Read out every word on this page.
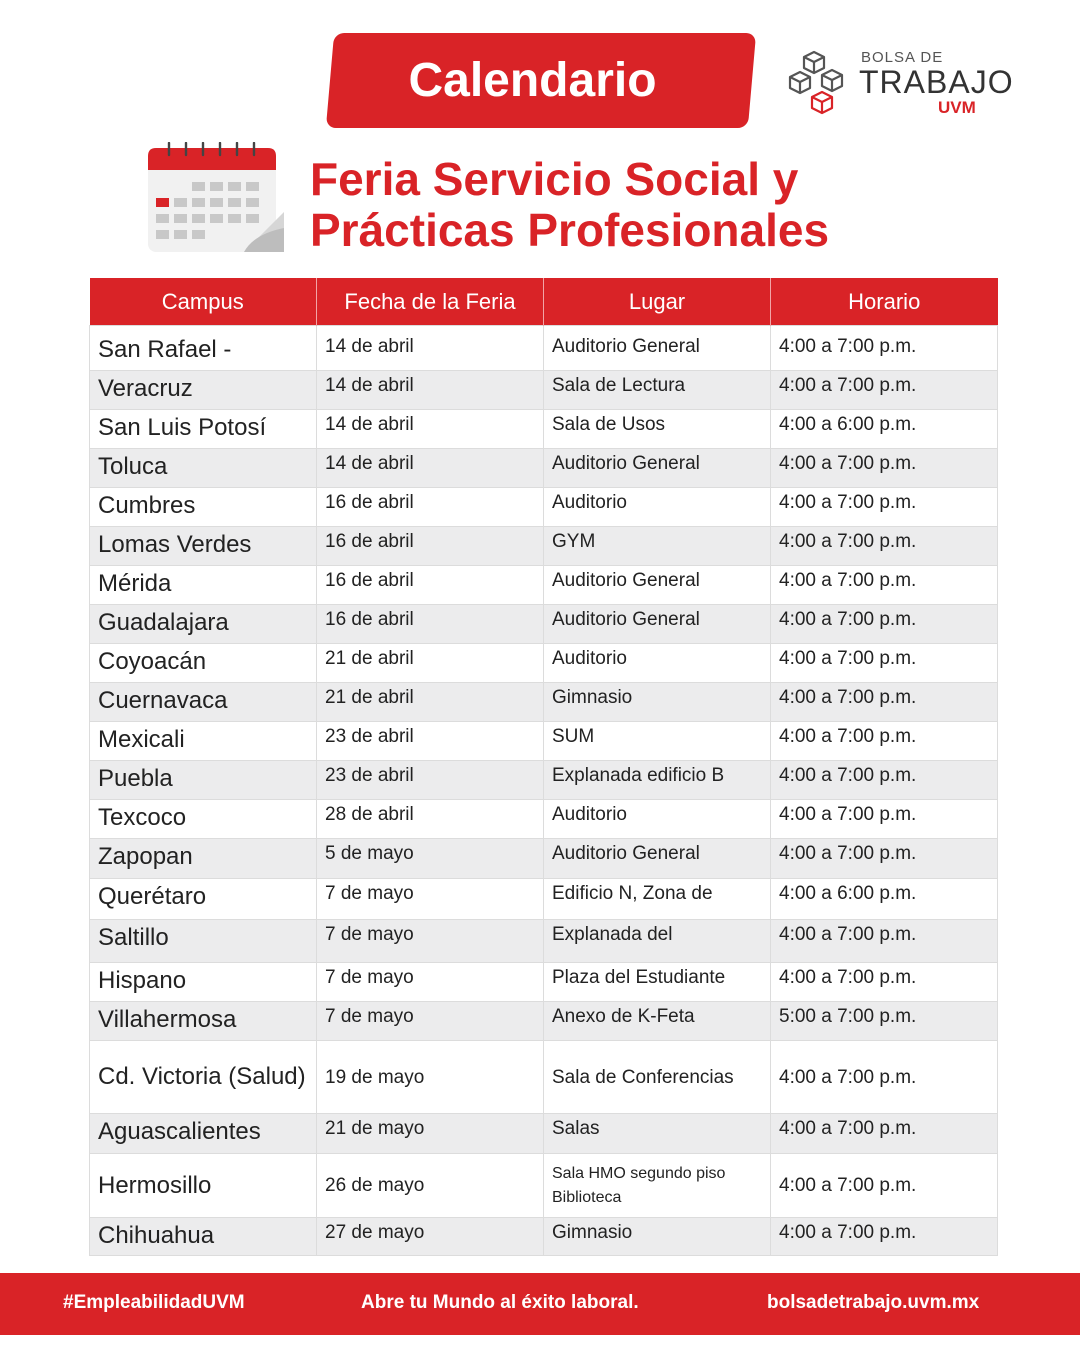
Calendario	BOLSA DE
TRABAJO
UVM
Feria Servicio Social y
Prácticas Profesionales
Campus	Fecha de la Feria	Lugar	Horario
San Rafael -	14 de abril	Auditorio General	4:00 a 7:00 p.m.
Veracruz	14 de abril	Sala de Lectura	4:00 a 7:00 p.m.
San Luis Potosí	14 de abril	Sala de Usos	4:00 a 6:00 p.m.
Toluca	14 de abril	Auditorio General	4:00 a 7:00 p.m.
Cumbres	16 de abril	Auditorio	4:00 a 7:00 p.m.
Lomas Verdes	16 de abril	GYM	4:00 a 7:00 p.m.
Mérida	16 de abril	Auditorio General	4:00 a 7:00 p.m.
Guadalajara	16 de abril	Auditorio General	4:00 a 7:00 p.m.
Coyoacán	21 de abril	Auditorio	4:00 a 7:00 p.m.
Cuernavaca	21 de abril	Gimnasio	4:00 a 7:00 p.m.
Mexicali	23 de abril	SUM	4:00 a 7:00 p.m.
Puebla	23 de abril	Explanada edificio B	4:00 a 7:00 p.m.
Texcoco	28 de abril	Auditorio	4:00 a 7:00 p.m.
Zapopan	5 de mayo	Auditorio General	4:00 a 7:00 p.m.
Querétaro	7 de mayo	Edificio N, Zona de	4:00 a 6:00 p.m.
Saltillo	7 de mayo	Explanada del	4:00 a 7:00 p.m.
Hispano	7 de mayo	Plaza del Estudiante	4:00 a 7:00 p.m.
Villahermosa	7 de mayo	Anexo de K-Feta	5:00 a 7:00 p.m.
Cd. Victoria (Salud)	19 de mayo	Sala de Conferencias	4:00 a 7:00 p.m.
Aguascalientes	21 de mayo	Salas	4:00 a 7:00 p.m.
Hermosillo	26 de mayo	Sala HMO segundo piso Biblioteca	4:00 a 7:00 p.m.
Chihuahua	27 de mayo	Gimnasio	4:00 a 7:00 p.m.
#EmpleabilidadUVM	Abre tu Mundo al éxito laboral.	bolsadetrabajo.uvm.mx
